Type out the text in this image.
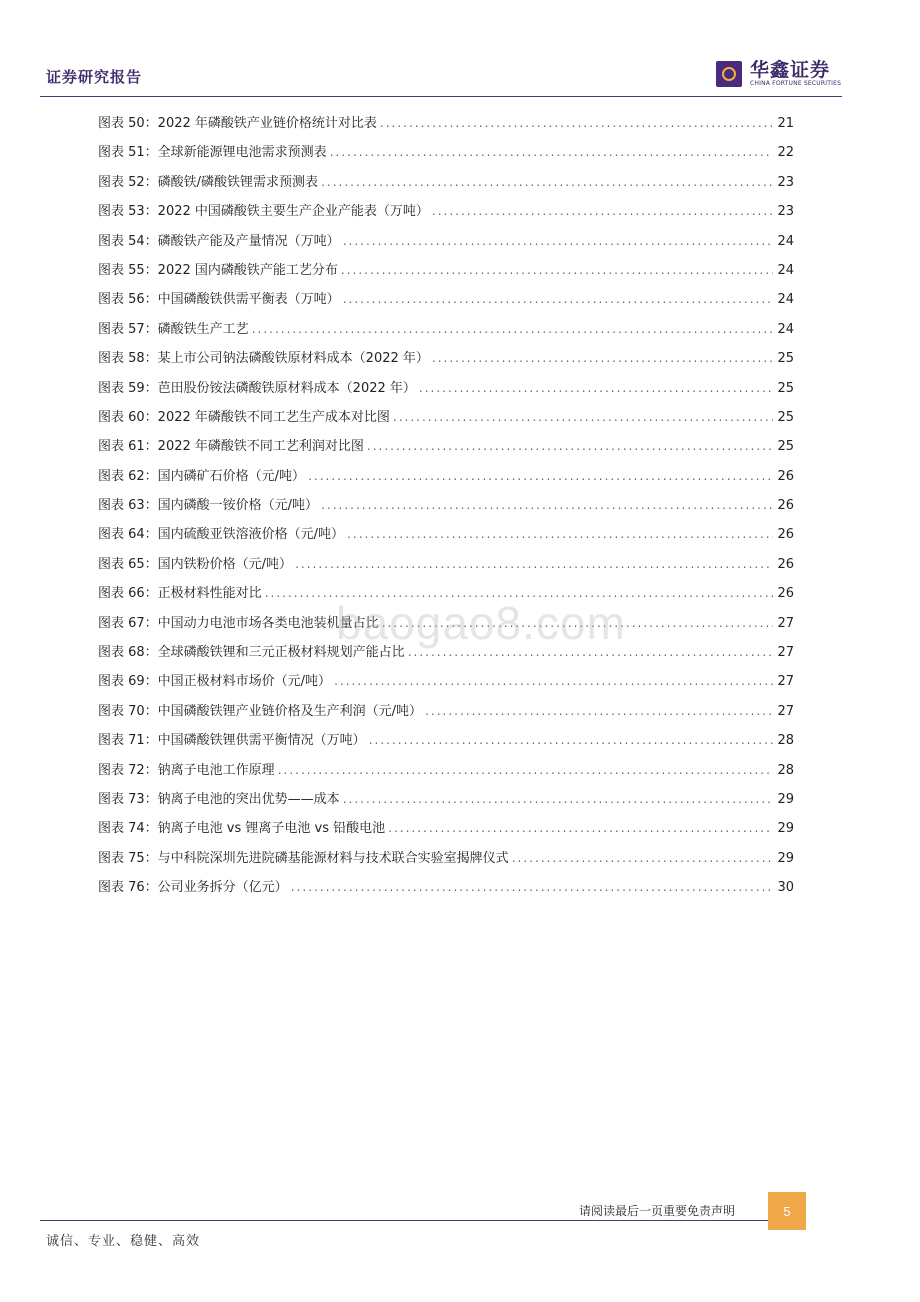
证券研究报告	华鑫证券
CHINA FORTUNE SECURITIES
图表 50：2022 年磷酸铁产业链价格统计对比表 .....	21
图表 51：全球新能源锂电池需求预测表 .....	22
图表 52：磷酸铁/磷酸铁锂需求预测表 .....	23
图表 53：2022 中国磷酸铁主要生产企业产能表（万吨） .....	23
图表 54：磷酸铁产能及产量情况（万吨） .....	24
图表 55：2022 国内磷酸铁产能工艺分布 .....	24
图表 56：中国磷酸铁供需平衡表（万吨） .....	24
图表 57：磷酸铁生产工艺 .....	24
图表 58：某上市公司钠法磷酸铁原材料成本（2022 年） .....	25
图表 59：芭田股份铵法磷酸铁原材料成本（2022 年） .....	25
图表 60：2022 年磷酸铁不同工艺生产成本对比图 .....	25
图表 61：2022 年磷酸铁不同工艺利润对比图 .....	25
图表 62：国内磷矿石价格（元/吨） .....	26
图表 63：国内磷酸一铵价格（元/吨） .....	26
图表 64：国内硫酸亚铁溶液价格（元/吨） .....	26
图表 65：国内铁粉价格（元/吨） .....	26
图表 66：正极材料性能对比 .....	26
图表 67：中国动力电池市场各类电池装机量占比 .....	27
图表 68：全球磷酸铁锂和三元正极材料规划产能占比 .....	27
图表 69：中国正极材料市场价（元/吨） .....	27
图表 70：中国磷酸铁锂产业链价格及生产利润（元/吨） .....	27
图表 71：中国磷酸铁锂供需平衡情况（万吨） .....	28
图表 72：钠离子电池工作原理 .....	28
图表 73：钠离子电池的突出优势——成本 .....	29
图表 74：钠离子电池 vs 锂离子电池 vs 铅酸电池 .....	29
图表 75：与中科院深圳先进院磷基能源材料与技术联合实验室揭牌仪式 .....	29
图表 76：公司业务拆分（亿元） .....	30
baogao8.com
请阅读最后一页重要免责声明	5
诚信、专业、稳健、高效
